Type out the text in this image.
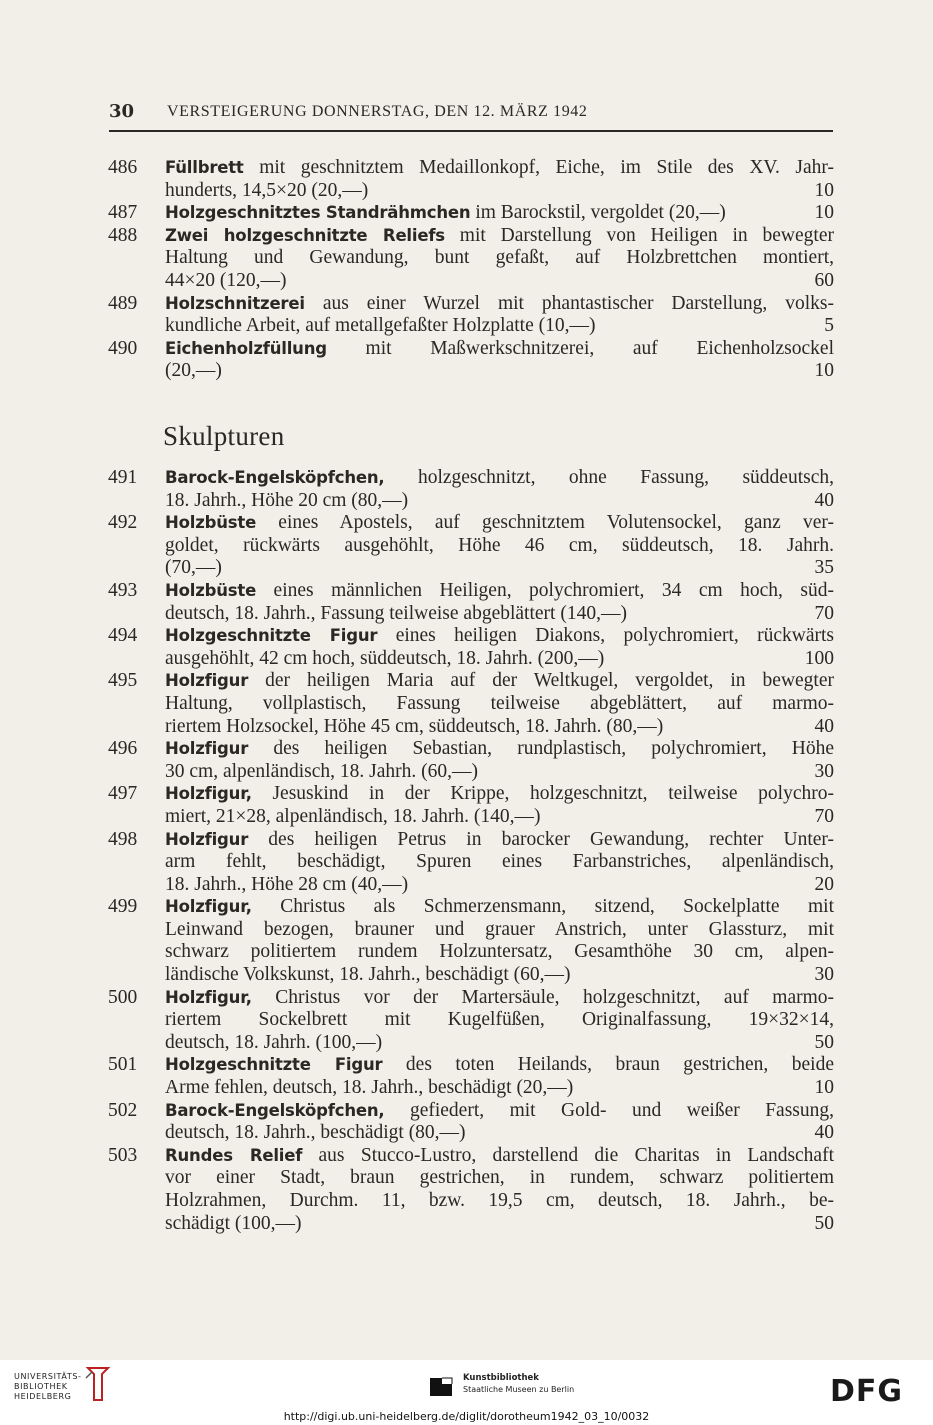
30 VERSTEIGERUNG DONNERSTAG, DEN 12. MÄRZ 1942
486	Füllbrett mit geschnitztem Medaillonkopf, Eiche, im Stile des XV. Jahr-
hunderts, 14,5×20 (20,—)	10
487	Holzgeschnitztes Standrähmchen im Barockstil, vergoldet (20,—)	10
488	Zwei holzgeschnitzte Reliefs mit Darstellung von Heiligen in bewegter
Haltung und Gewandung, bunt gefaßt, auf Holzbrettchen montiert,
44×20 (120,—)	60
489	Holzschnitzerei aus einer Wurzel mit phantastischer Darstellung, volks-
kundliche Arbeit, auf metallgefaßter Holzplatte (10,—)	5
490	Eichenholzfüllung mit Maßwerkschnitzerei, auf Eichenholzsockel
(20,—)	10
Skulpturen
491	Barock-Engelsköpfchen, holzgeschnitzt, ohne Fassung, süddeutsch,
18. Jahrh., Höhe 20 cm (80,—)	40
492	Holzbüste eines Apostels, auf geschnitztem Volutensockel, ganz ver-
goldet, rückwärts ausgehöhlt, Höhe 46 cm, süddeutsch, 18. Jahrh.
(70,—)	35
493	Holzbüste eines männlichen Heiligen, polychromiert, 34 cm hoch, süd-
deutsch, 18. Jahrh., Fassung teilweise abgeblättert (140,—)	70
494	Holzgeschnitzte Figur eines heiligen Diakons, polychromiert, rückwärts
ausgehöhlt, 42 cm hoch, süddeutsch, 18. Jahrh. (200,—)	100
495	Holzfigur der heiligen Maria auf der Weltkugel, vergoldet, in bewegter
Haltung, vollplastisch, Fassung teilweise abgeblättert, auf marmo-
riertem Holzsockel, Höhe 45 cm, süddeutsch, 18. Jahrh. (80,—)	40
496	Holzfigur des heiligen Sebastian, rundplastisch, polychromiert, Höhe
30 cm, alpenländisch, 18. Jahrh. (60,—)	30
497	Holzfigur, Jesuskind in der Krippe, holzgeschnitzt, teilweise polychro-
miert, 21×28, alpenländisch, 18. Jahrh. (140,—)	70
498	Holzfigur des heiligen Petrus in barocker Gewandung, rechter Unter-
arm fehlt, beschädigt, Spuren eines Farbanstriches, alpenländisch,
18. Jahrh., Höhe 28 cm (40,—)	20
499	Holzfigur, Christus als Schmerzensmann, sitzend, Sockelplatte mit
Leinwand bezogen, brauner und grauer Anstrich, unter Glassturz, mit
schwarz politiertem rundem Holzuntersatz, Gesamthöhe 30 cm, alpen-
ländische Volkskunst, 18. Jahrh., beschädigt (60,—)	30
500	Holzfigur, Christus vor der Martersäule, holzgeschnitzt, auf marmo-
riertem Sockelbrett mit Kugelfüßen, Originalfassung, 19×32×14,
deutsch, 18. Jahrh. (100,—)	50
501	Holzgeschnitzte Figur des toten Heilands, braun gestrichen, beide
Arme fehlen, deutsch, 18. Jahrh., beschädigt (20,—)	10
502	Barock-Engelsköpfchen, gefiedert, mit Gold- und weißer Fassung,
deutsch, 18. Jahrh., beschädigt (80,—)	40
503	Rundes Relief aus Stucco-Lustro, darstellend die Charitas in Landschaft
vor einer Stadt, braun gestrichen, in rundem, schwarz politiertem
Holzrahmen, Durchm. 11, bzw. 19,5 cm, deutsch, 18. Jahrh., be-
schädigt (100,—)	50
UNIVERSITÄTS-
BIBLIOTHEK
HEIDELBERG
Kunstbibliothek
Staatliche Museen zu Berlin	DFG
http://digi.ub.uni-heidelberg.de/diglit/dorotheum1942_03_10/0032
